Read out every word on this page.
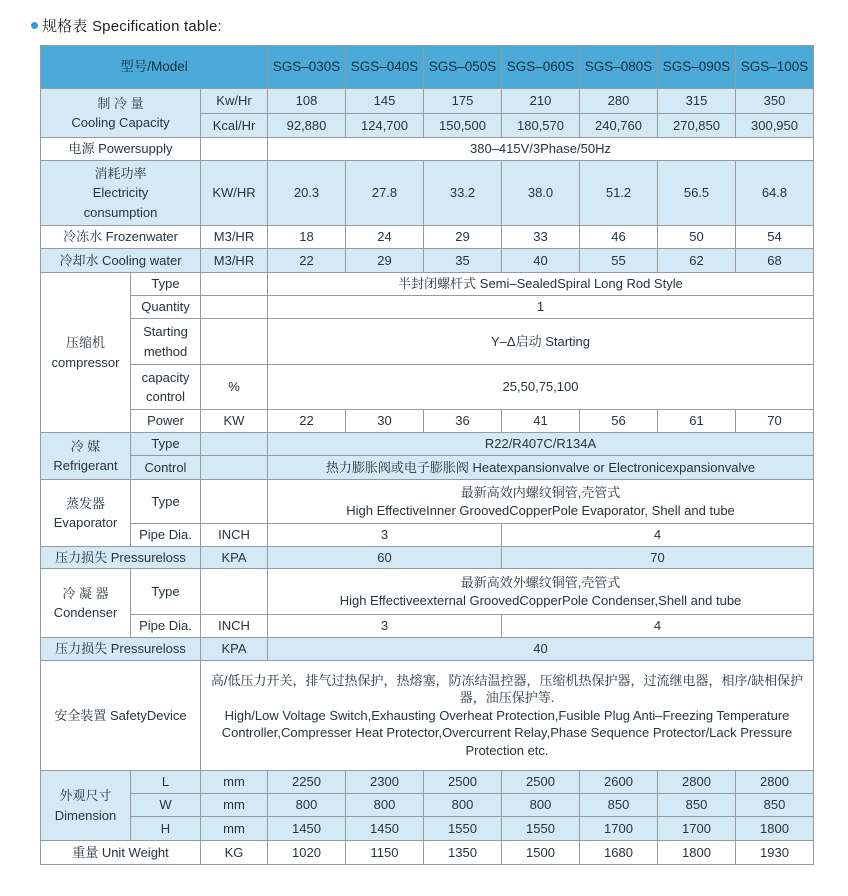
规格表 Specification table:
型号/Model			SGS–030S	SGS–040S	SGS–050S	SGS–060S	SGS–080S	SGS–090S	SGS–100S

制 冷 量
Cooling Capacity		Kw/Hr	108	145	175	210	280	315	350
		Kcal/Hr	92,880	124,700	150,500	180,570	240,760	270,850	300,950
电源 Powersupply			380–415V/3Phase/50Hz						

消耗功率
Electricity
consumption		KW/HR	20.3	27.8	33.2	38.0	51.2	56.5	64.8
冷冻水 Frozenwater		M3/HR	18	24	29	33	46	50	54
冷却水 Cooling water		M3/HR	22	29	35	40	55	62	68

压缩机
compressor	Type		半封闭螺杆式 Semi–SealedSpiral Long Rod Style						
	Quantity		1						

	Starting
method		Y–Δ启动 Starting						

	capacity
control	%	25,50,75,100						
	Power	KW	22	30	36	41	56	61	70

冷 媒
Refrigerant	Type		R22/R407C/R134A						
	Control		热力膨胀阀或电子膨胀阀 Heatexpansionvalve or Electronicexpansionvalve						

蒸发器
Evaporator
	Type		
最新高效内螺纹铜管,壳管式
High EffectiveInner GroovedCopperPole Evaporator, Shell and tube

	Pipe Dia.	INCH	3			4			
压力损失 Pressureloss		KPA	60			70			

冷 凝 器
Condenser
	Type		
最新高效外螺纹铜管,壳管式
High Effectiveexternal GroovedCopperPole Condenser,Shell and tube

	Pipe Dia.	INCH	3			4			
压力损失 Pressureloss		KPA	40						
安全装置 SafetyDevice		高/低压力开关，排气过热保护，热熔塞，防冻结温控器，压缩机热保护器，过流继电器，相序/缺相保护器，油压保护等.
High/Low Voltage Switch,Exhausting Overheat Protection,Fusible Plug Anti–Freezing Temperature Controller,Compresser Heat Protector,Overcurrent Relay,Phase Sequence Protector/Lack Pressure Protection etc.							

外观尺寸
Dimension	L	mm	2250	2300	2500	2500	2600	2800	2800
	W	mm	800	800	800	800	850	850	850
	H	mm	1450	1450	1550	1550	1700	1700	1800
重量 Unit Weight		KG	1020	1150	1350	1500	1680	1800	1930
